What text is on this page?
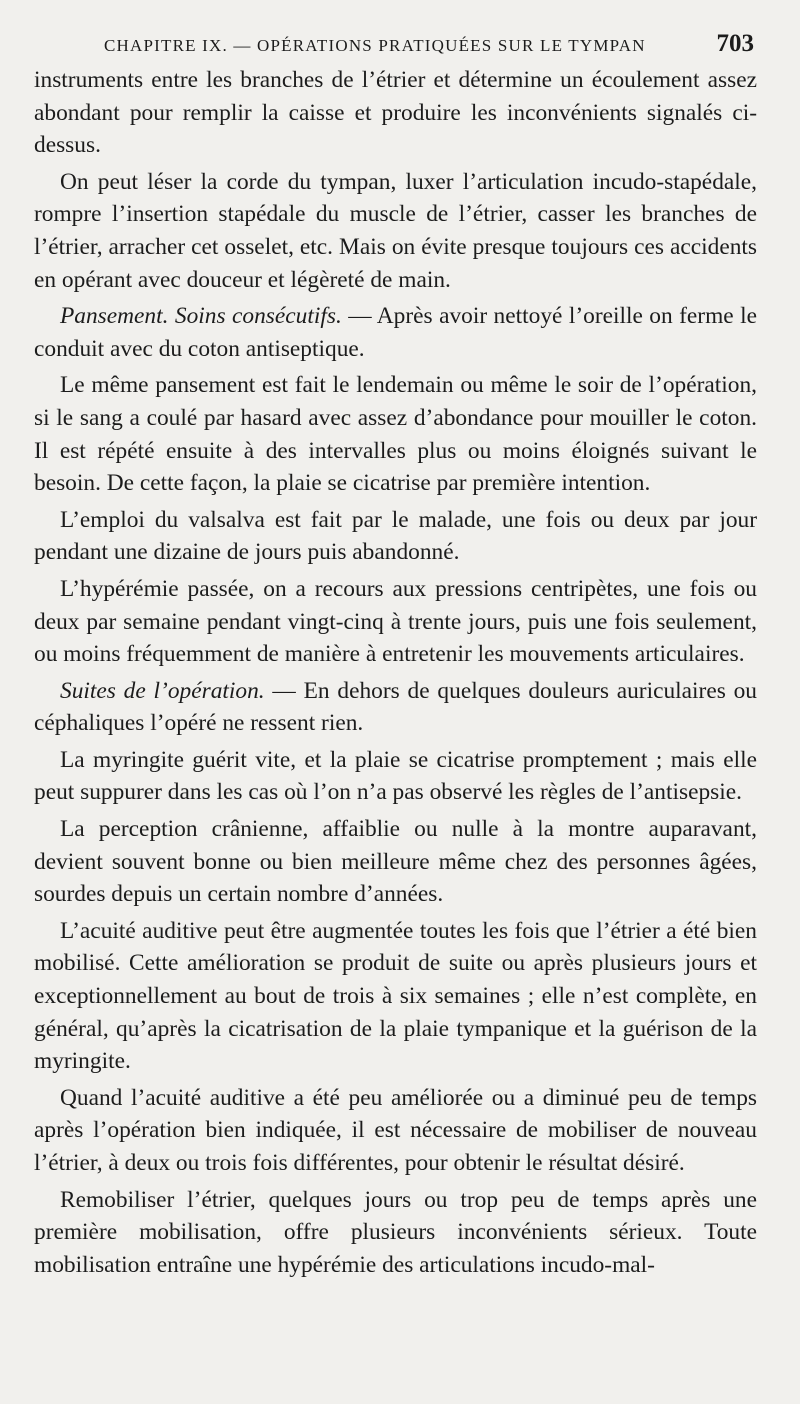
CHAPITRE IX. — OPÉRATIONS PRATIQUÉES SUR LE TYMPAN	703

instruments entre les branches de l’étrier et détermine un écoulement assez abondant pour remplir la caisse et produire les inconvénients signalés ci-dessus.

On peut léser la corde du tympan, luxer l’articulation incudo-stapédale, rompre l’insertion stapédale du muscle de l’étrier, casser les branches de l’étrier, arracher cet osselet, etc. Mais on évite presque toujours ces accidents en opérant avec douceur et légèreté de main.

Pansement. Soins consécutifs. — Après avoir nettoyé l’oreille on ferme le conduit avec du coton antiseptique.

Le même pansement est fait le lendemain ou même le soir de l’opération, si le sang a coulé par hasard avec assez d’abondance pour mouiller le coton. Il est répété ensuite à des intervalles plus ou moins éloignés suivant le besoin. De cette façon, la plaie se cicatrise par première intention.

L’emploi du valsalva est fait par le malade, une fois ou deux par jour pendant une dizaine de jours puis abandonné.

L’hypérémie passée, on a recours aux pressions centripètes, une fois ou deux par semaine pendant vingt-cinq à trente jours, puis une fois seulement, ou moins fréquemment de manière à entretenir les mouvements articulaires.

Suites de l’opération. — En dehors de quelques douleurs auriculaires ou céphaliques l’opéré ne ressent rien.

La myringite guérit vite, et la plaie se cicatrise promptement ; mais elle peut suppurer dans les cas où l’on n’a pas observé les règles de l’antisepsie.

La perception crânienne, affaiblie ou nulle à la montre auparavant, devient souvent bonne ou bien meilleure même chez des personnes âgées, sourdes depuis un certain nombre d’années.

L’acuité auditive peut être augmentée toutes les fois que l’étrier a été bien mobilisé. Cette amélioration se produit de suite ou après plusieurs jours et exceptionnellement au bout de trois à six semaines ; elle n’est complète, en général, qu’après la cicatrisation de la plaie tympanique et la guérison de la myringite.

Quand l’acuité auditive a été peu améliorée ou a diminué peu de temps après l’opération bien indiquée, il est nécessaire de mobiliser de nouveau l’étrier, à deux ou trois fois différentes, pour obtenir le résultat désiré.

Remobiliser l’étrier, quelques jours ou trop peu de temps après une première mobilisation, offre plusieurs inconvénients sérieux. Toute mobilisation entraîne une hypérémie des articulations incudo-mal-
